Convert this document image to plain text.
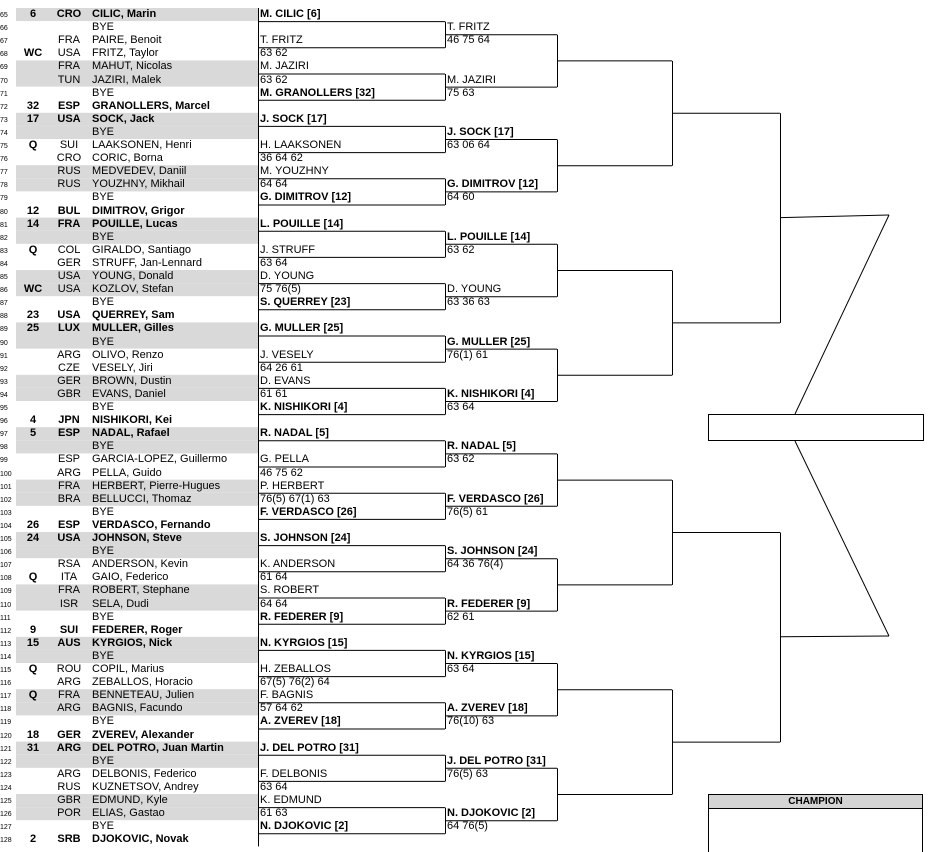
65	6	CRO CILIC, Marin
66	BYE
67	FRA	PAIRE, Benoit
68	WC	USA	FRITZ, Taylor
69	FRA	MAHUT, Nicolas
70	TUN	JAZIRI, Malek
71	BYE
72	32	ESP	GRANOLLERS, Marcel
73	17	USA	SOCK, Jack
74	BYE
75	Q	SUI	LAAKSONEN, Henri
76	CRO CORIC, Borna
77	RUS	MEDVEDEV, Daniil
78	RUS	YOUZHNY, Mikhail
79	BYE
80	12	BUL	DIMITROV, Grigor
81	14	FRA	POUILLE, Lucas
82	BYE
83	Q	COL	GIRALDO, Santiago
84	GER STRUFF, Jan-Lennard
85	USA	YOUNG, Donald
86	WC	USA	KOZLOV, Stefan
87	BYE
88	23	USA	QUERREY, Sam
89	25	LUX	MULLER, Gilles
90	BYE
91	ARG OLIVO, Renzo
92	CZE	VESELY, Jiri
93	GER BROWN, Dustin
94	GBR EVANS, Daniel
95	BYE
96	4	JPN	NISHIKORI, Kei
97	5	ESP	NADAL, Rafael
98	BYE
99	ESP	GARCIA-LOPEZ, Guillermo
100	ARG PELLA, Guido
101	FRA	HERBERT, Pierre-Hugues
102	BRA	BELLUCCI, Thomaz
103	BYE
104	26	ESP	VERDASCO, Fernando
105	24	USA	JOHNSON, Steve
106	BYE
107	RSA	ANDERSON, Kevin
108	Q	ITA	GAIO, Federico
109	FRA	ROBERT, Stephane
110	ISR	SELA, Dudi
111	BYE
112	9	SUI	FEDERER, Roger
113	15	AUS	KYRGIOS, Nick
114	BYE
115	Q	ROU COPIL, Marius
116	ARG ZEBALLOS, Horacio
117	Q	FRA	BENNETEAU, Julien
118	ARG BAGNIS, Facundo
119	BYE
120	18	GER ZVEREV, Alexander
121	31	ARG DEL POTRO, Juan Martin
122	BYE
123	ARG DELBONIS, Federico
124	RUS	KUZNETSOV, Andrey
125	GBR EDMUND, Kyle
126	POR ELIAS, Gastao
127	BYE
128	2	SRB	DJOKOVIC, Novak
M. CILIC [6]
T. FRITZ
63 62
M. JAZIRI
63 62
M. GRANOLLERS [32]
J. SOCK [17]
H. LAAKSONEN
36 64 62
M. YOUZHNY
64 64
G. DIMITROV [12]
L. POUILLE [14]
J. STRUFF
63 64
D. YOUNG
75 76(5)
S. QUERREY [23]
G. MULLER [25]
J. VESELY
64 26 61
D. EVANS
61 61
K. NISHIKORI [4]
R. NADAL [5]
G. PELLA
46 75 62
P. HERBERT
76(5) 67(1) 63
F. VERDASCO [26]
S. JOHNSON [24]
K. ANDERSON
61 64
S. ROBERT
64 64
R. FEDERER [9]
N. KYRGIOS [15]
H. ZEBALLOS
67(5) 76(2) 64
F. BAGNIS
57 64 62
A. ZVEREV [18]
J. DEL POTRO [31]
F. DELBONIS
63 64
K. EDMUND
61 63
N. DJOKOVIC [2]
T. FRITZ
46 75 64
M. JAZIRI
75 63
J. SOCK [17]
63 06 64
G. DIMITROV [12]
64 60
L. POUILLE [14]
63 62
D. YOUNG
63 36 63
G. MULLER [25]
76(1) 61
K. NISHIKORI [4]
63 64
R. NADAL [5]
63 62
F. VERDASCO [26]
76(5) 61
S. JOHNSON [24]
64 36 76(4)
R. FEDERER [9]
62 61
N. KYRGIOS [15]
63 64
A. ZVEREV [18]
76(10) 63
J. DEL POTRO [31]
76(5) 63
N. DJOKOVIC [2]
64 76(5)
CHAMPION
